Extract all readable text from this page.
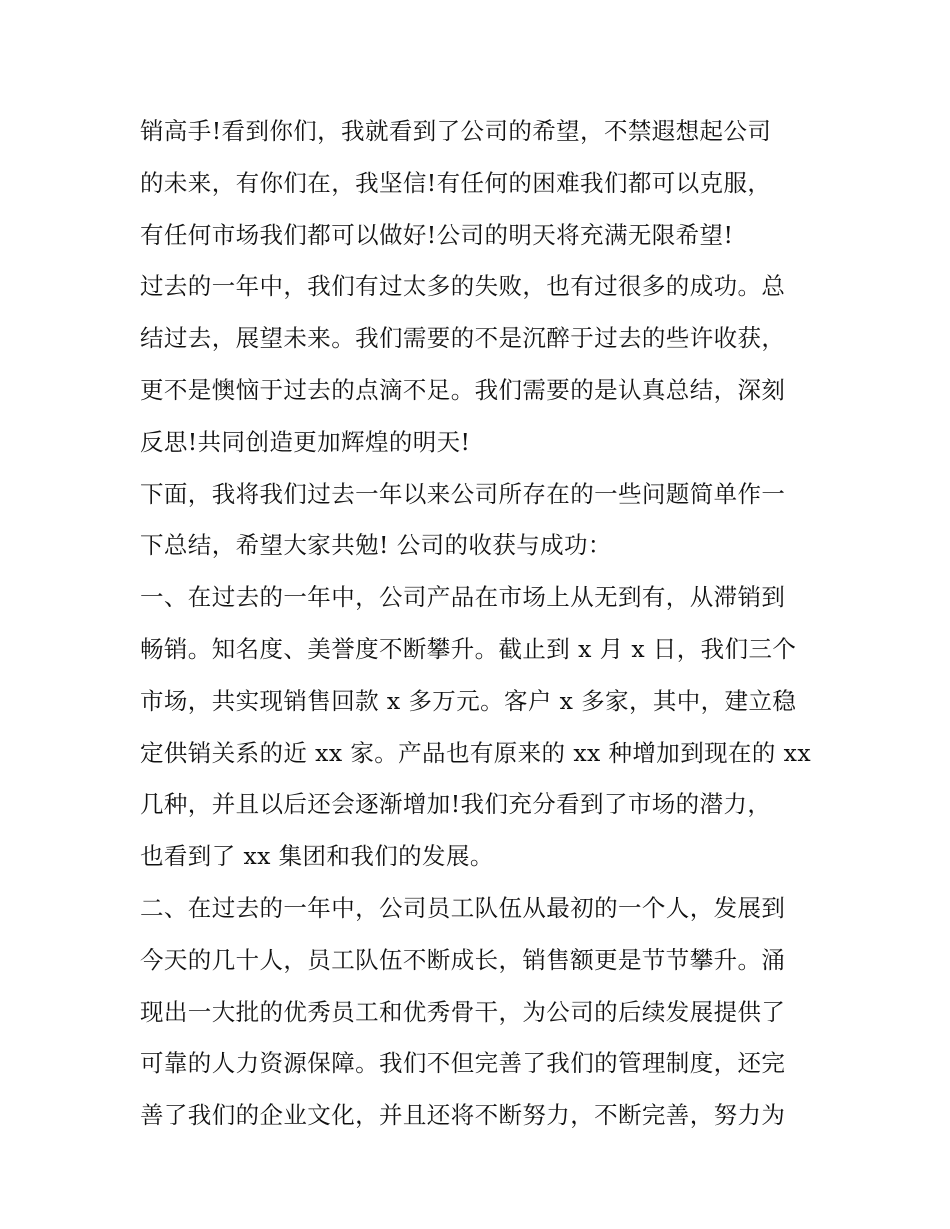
销高手!看到你们，我就看到了公司的希望，不禁遐想起公司

的未来，有你们在，我坚信!有任何的困难我们都可以克服，

有任何市场我们都可以做好!公司的明天将充满无限希望!

过去的一年中，我们有过太多的失败，也有过很多的成功。总

结过去，展望未来。我们需要的不是沉醉于过去的些许收获，

更不是懊恼于过去的点滴不足。我们需要的是认真总结，深刻

反思!共同创造更加辉煌的明天!

下面，我将我们过去一年以来公司所存在的一些问题简单作一

下总结，希望大家共勉! 公司的收获与成功：

一、在过去的一年中，公司产品在市场上从无到有，从滞销到

畅销。知名度、美誉度不断攀升。截止到 x 月 x 日，我们三个

市场，共实现销售回款 x 多万元。客户 x 多家，其中，建立稳

定供销关系的近 xx 家。产品也有原来的 xx 种增加到现在的 xx

几种，并且以后还会逐渐增加!我们充分看到了市场的潜力，

也看到了 xx 集团和我们的发展。

二、在过去的一年中，公司员工队伍从最初的一个人，发展到

今天的几十人，员工队伍不断成长，销售额更是节节攀升。涌

现出一大批的优秀员工和优秀骨干，为公司的后续发展提供了

可靠的人力资源保障。我们不但完善了我们的管理制度，还完

善了我们的企业文化，并且还将不断努力，不断完善，努力为
